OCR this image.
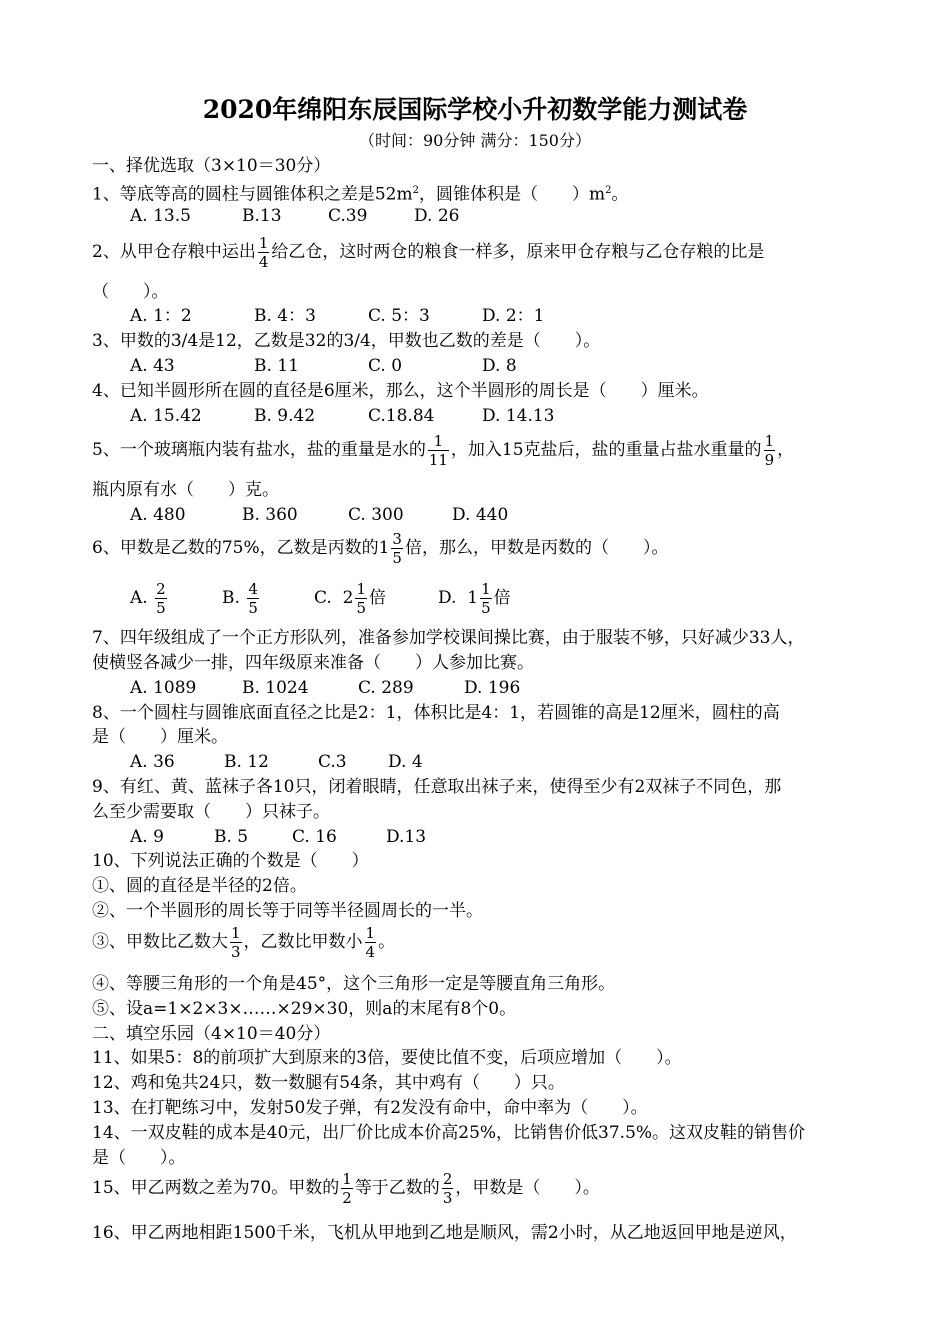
2020年绵阳东辰国际学校小升初数学能力测试卷
（时间：90分钟 满分：150分）
一、择优选取（3×10＝30分）
1、等底等高的圆柱与圆锥体积之差是$52m^2$，圆锥体积是（　　）$m^2$。
A. 13.5	B.13	C.39	D. 26
2、从甲仓存粮中运出 $\frac{1}{4}$ 给乙仓，这时两仓的粮食一样多，原来甲仓存粮与乙仓存粮的比是
（　　）。
A. 1：2	B. 4：3	C. 5：3	D. 2：1
3、甲数的3/4是12，乙数是32的3/4，甲数也乙数的差是（　　）。
A. 43	B. 11	C. 0	D. 8
4、已知半圆形所在圆的直径是6厘米，那么，这个半圆形的周长是（　　）厘米。
A. 15.42	B. 9.42	C.18.84	D. 14.13
5、一个玻璃瓶内装有盐水，盐的重量是水的 $\frac{1}{11}$ ，加入15克盐后，盐的重量占盐水重量的 $\frac{1}{9}$ ，
瓶内原有水（　　）克。
A. 480	B. 360	C. 300	D. 440
6、甲数是乙数的75%，乙数是丙数的$1 \frac{3}{5}$ 倍，那么，甲数是丙数的（　　）。
A. $\frac{2}{5}$	B. $\frac{4}{5}$	C. $2 \frac{1}{5}$ 倍	D. $1 \frac{1}{5}$ 倍
7、四年级组成了一个正方形队列，准备参加学校课间操比赛，由于服装不够，只好减少33人，
使横竖各减少一排，四年级原来准备（　　）人参加比赛。
A. 1089	B. 1024	C. 289	D. 196
8、一个圆柱与圆锥底面直径之比是2：1，体积比是4：1，若圆锥的高是12厘米，圆柱的高
是（　　）厘米。
A. 36	B. 12	C.3 D. 4
9、有红、黄、蓝袜子各10只，闭着眼睛，任意取出袜子来，使得至少有2双袜子不同色，那
么至少需要取（　　）只袜子。
A. 9	B. 5	C. 16	D.13
10、下列说法正确的个数是（　　）
①、圆的直径是半径的2倍。
②、一个半圆形的周长等于同等半径圆周长的一半。
③、甲数比乙数大 $\frac{1}{3}$ ，乙数比甲数小 $\frac{1}{4}$ 。
④、等腰三角形的一个角是45°，这个三角形一定是等腰直角三角形。
⑤、设a=1×2×3×……×29×30，则a的末尾有8个0。
二、填空乐园（4×10＝40分）
11、如果5：8的前项扩大到原来的3倍，要使比值不变，后项应增加（　　）。
12、鸡和兔共24只，数一数腿有54条，其中鸡有（　　）只。
13、在打靶练习中，发射50发子弹，有2发没有命中，命中率为（　　）。
14、一双皮鞋的成本是40元，出厂价比成本价高25%，比销售价低37.5%。这双皮鞋的销售价
是（　　）。
15、甲乙两数之差为70。甲数的 $\frac{1}{2}$ 等于乙数的 $\frac{2}{3}$ ，甲数是（　　）。
16、甲乙两地相距1500千米，飞机从甲地到乙地是顺风，需2小时，从乙地返回甲地是逆风，
